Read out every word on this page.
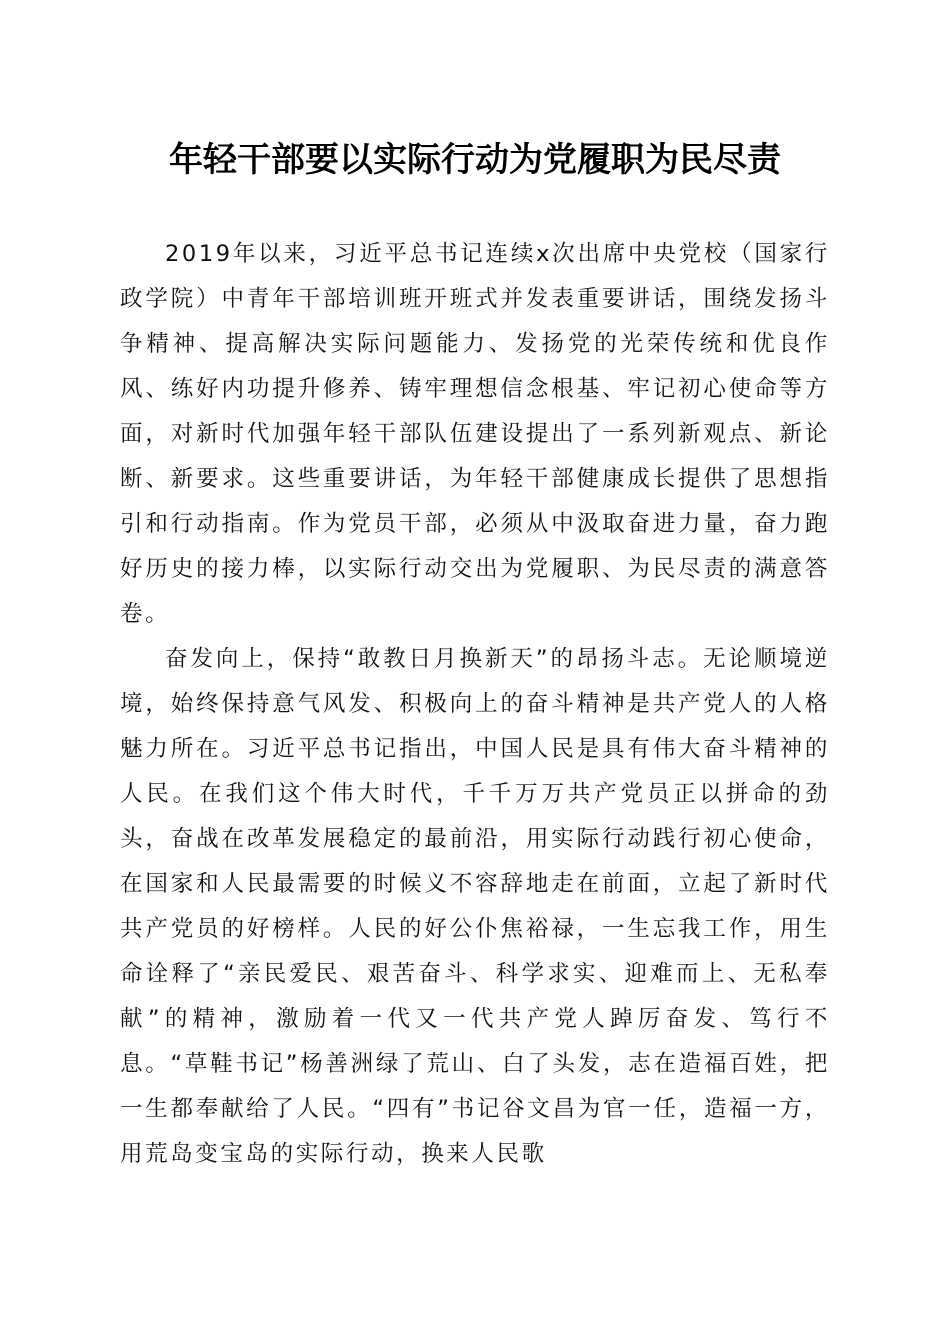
年轻干部要以实际行动为党履职为民尽责

2019年以来，习近平总书记连续x次出席中央党校（国家行政学院）中青年干部培训班开班式并发表重要讲话，围绕发扬斗争精神、提高解决实际问题能力、发扬党的光荣传统和优良作风、练好内功提升修养、铸牢理想信念根基、牢记初心使命等方面，对新时代加强年轻干部队伍建设提出了一系列新观点、新论断、新要求。这些重要讲话，为年轻干部健康成长提供了思想指引和行动指南。作为党员干部，必须从中汲取奋进力量，奋力跑好历史的接力棒，以实际行动交出为党履职、为民尽责的满意答卷。

奋发向上，保持“敢教日月换新天”的昂扬斗志。无论顺境逆境，始终保持意气风发、积极向上的奋斗精神是共产党人的人格魅力所在。习近平总书记指出，中国人民是具有伟大奋斗精神的人民。在我们这个伟大时代，千千万万共产党员正以拼命的劲头，奋战在改革发展稳定的最前沿，用实际行动践行初心使命，在国家和人民最需要的时候义不容辞地走在前面，立起了新时代共产党员的好榜样。人民的好公仆焦裕禄，一生忘我工作，用生命诠释了“亲民爱民、艰苦奋斗、科学求实、迎难而上、无私奉献”的精神，激励着一代又一代共产党人踔厉奋发、笃行不息。“草鞋书记”杨善洲绿了荒山、白了头发，志在造福百姓，把一生都奉献给了人民。“四有”书记谷文昌为官一任，造福一方，用荒岛变宝岛的实际行动，换来人民歌
